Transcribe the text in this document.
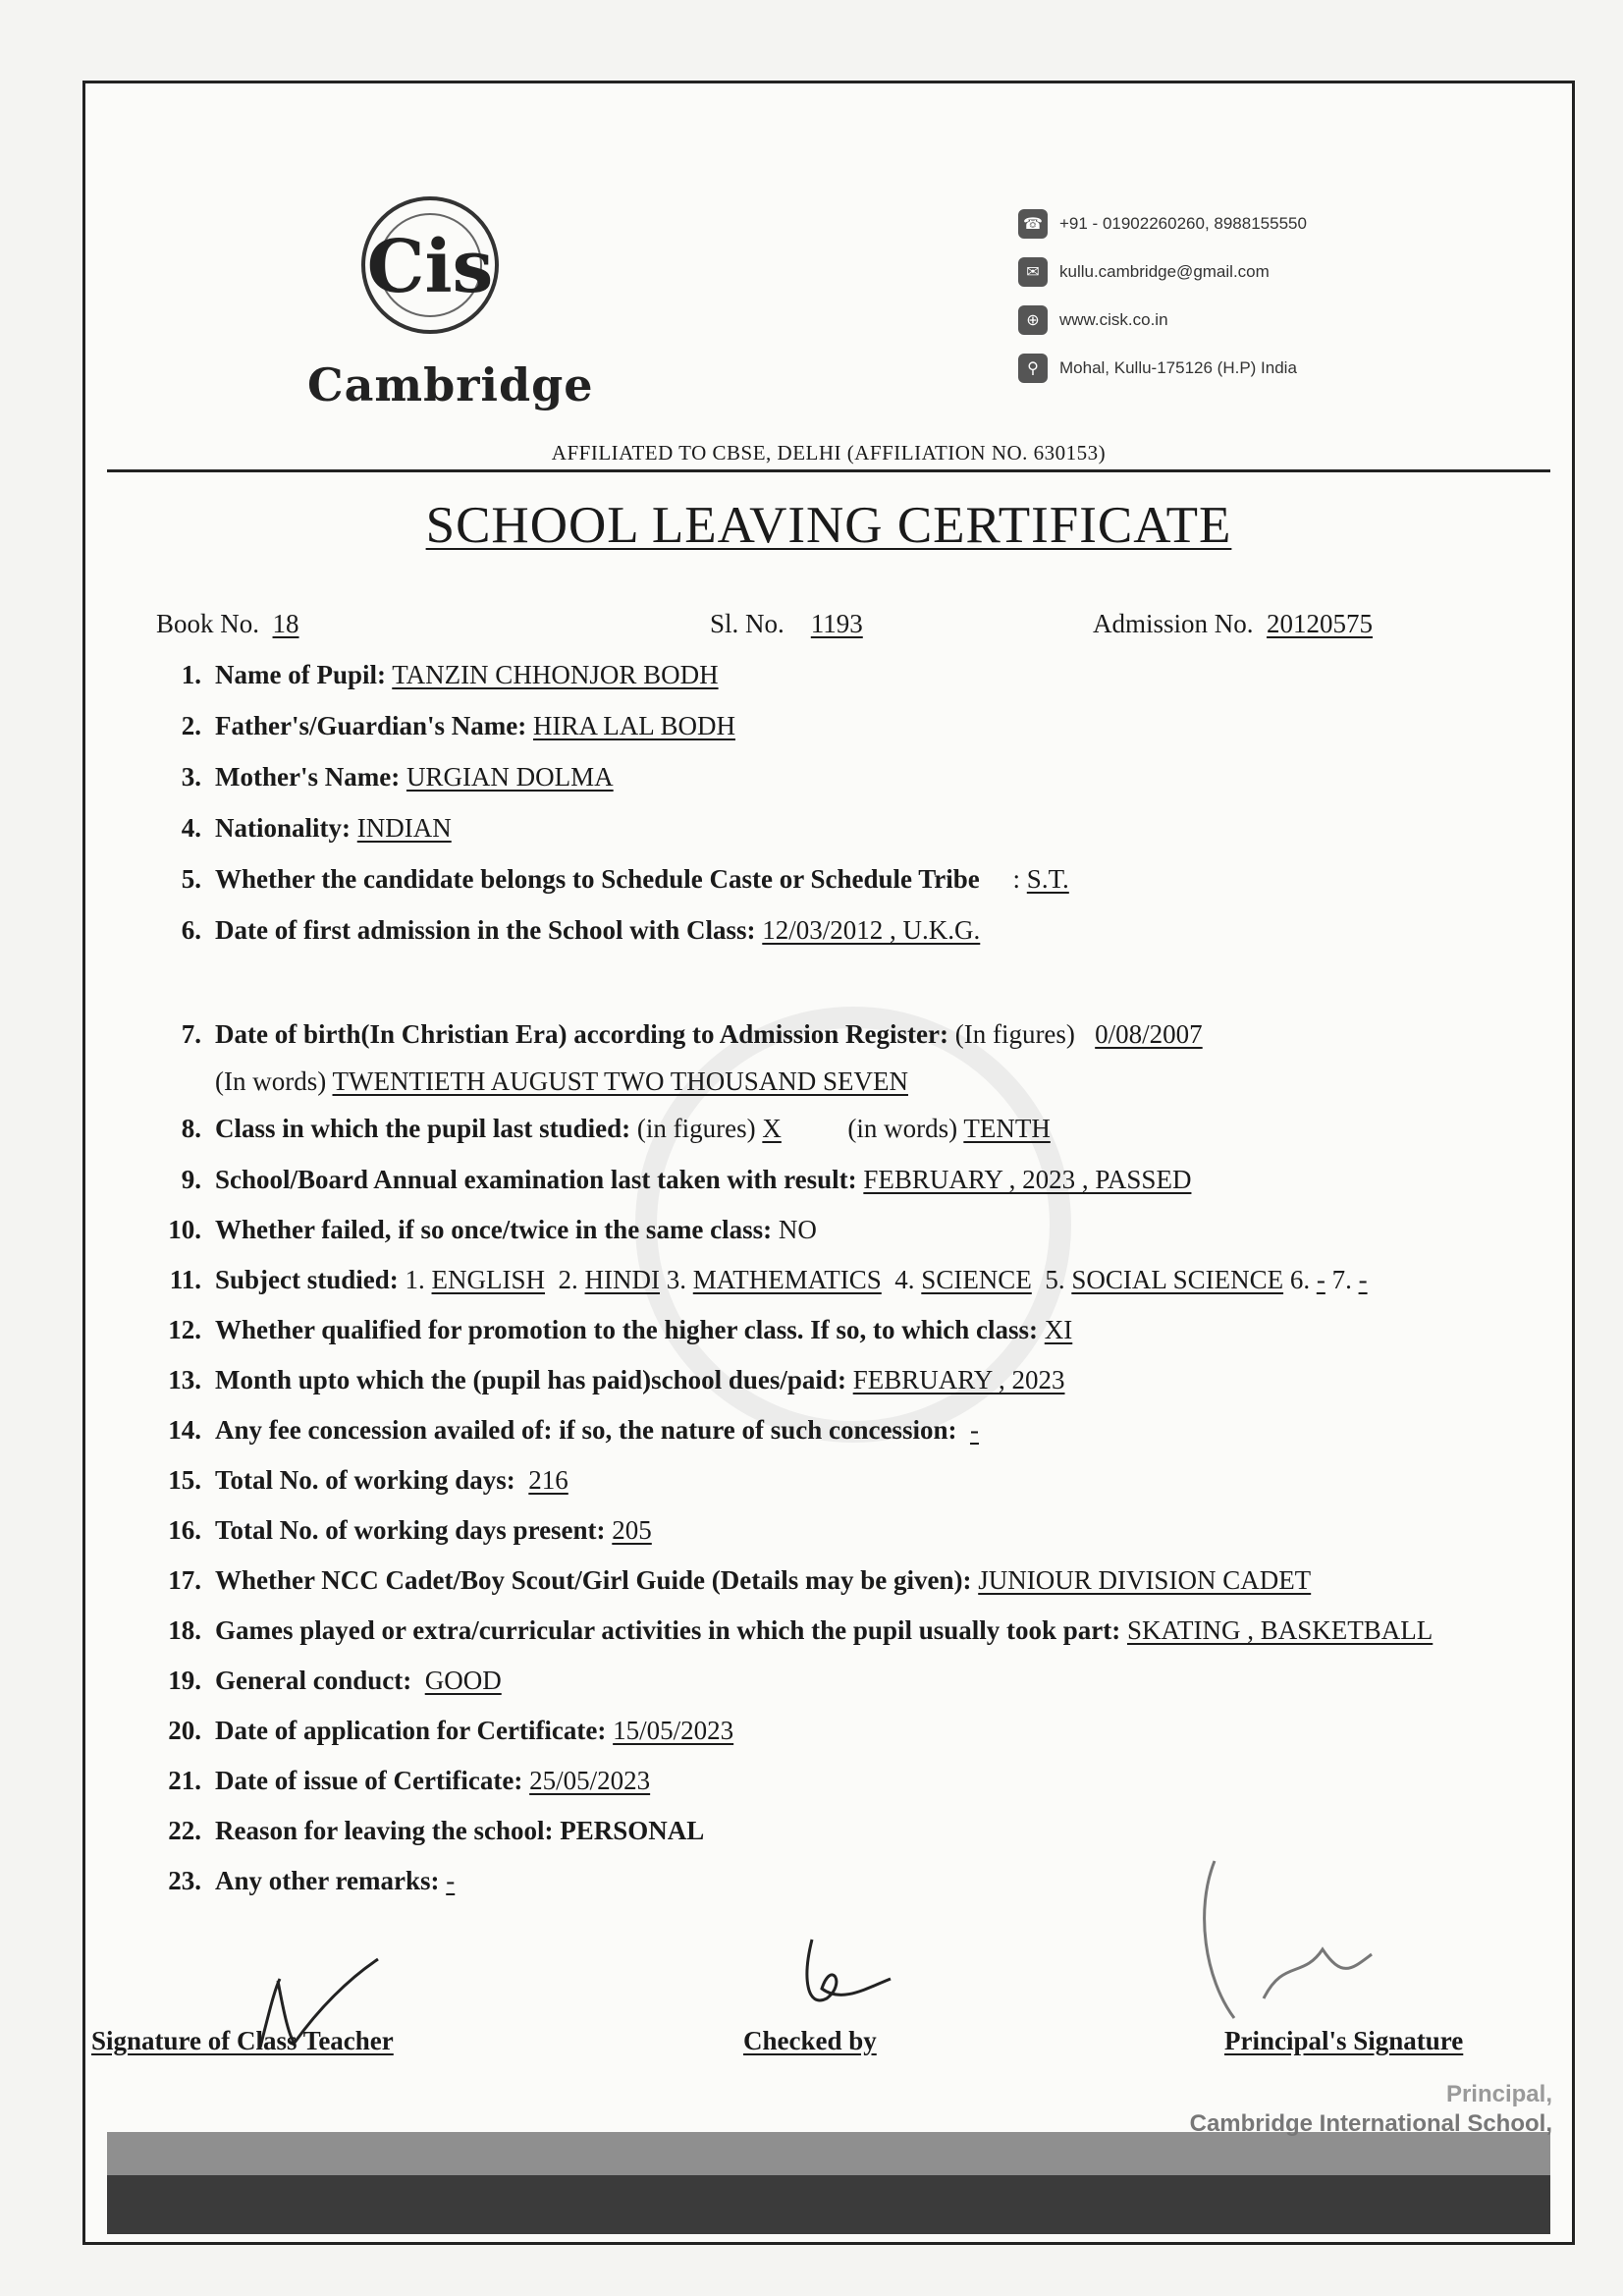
Cis
Cambridge
☎ +91 - 01902260260, 8988155550
✉	kullu.cambridge@gmail.com
⊕	www.cisk.co.in
⚲	Mohal, Kullu-175126 (H.P) India
AFFILIATED TO CBSE, DELHI (AFFILIATION NO. 630153)
SCHOOL LEAVING CERTIFICATE
Book No. 18	Sl. No. 1193	Admission No. 20120575
1. Name of Pupil: TANZIN CHHONJOR BODH
2. Father's/Guardian's Name: HIRA LAL BODH
3. Mother's Name: URGIAN DOLMA
4. Nationality: INDIAN
5. Whether the candidate belongs to Schedule Caste or Schedule Tribe : S.T.
6. Date of first admission in the School with Class: 12/03/2012 , U.K.G.
7. Date of birth(In Christian Era) according to Admission Register: (In figures) 0/08/2007
(In words) TWENTIETH AUGUST TWO THOUSAND SEVEN
8. Class in which the pupil last studied: (in figures) X	(in words) TENTH
9. School/Board Annual examination last taken with result: FEBRUARY , 2023 , PASSED
10. Whether failed, if so once/twice in the same class: NO
11. Subject studied: 1. ENGLISH 2. HINDI 3. MATHEMATICS 4. SCIENCE 5. SOCIAL SCIENCE 6. - 7. -
12. Whether qualified for promotion to the higher class. If so, to which class: XI
13. Month upto which the (pupil has paid)school dues/paid: FEBRUARY , 2023
14. Any fee concession availed of: if so, the nature of such concession: -
15. Total No. of working days: 216
16. Total No. of working days present: 205
17. Whether NCC Cadet/Boy Scout/Girl Guide (Details may be given): JUNIOUR DIVISION CADET
18. Games played or extra/curricular activities in which the pupil usually took part: SKATING , BASKETBALL
19. General conduct: GOOD
20. Date of application for Certificate: 15/05/2023
21. Date of issue of Certificate: 25/05/2023
22. Reason for leaving the school: PERSONAL
23. Any other remarks: -
Signature of Class Teacher	Checked by	Principal's Signature
Principal,
Cambridge International School,
